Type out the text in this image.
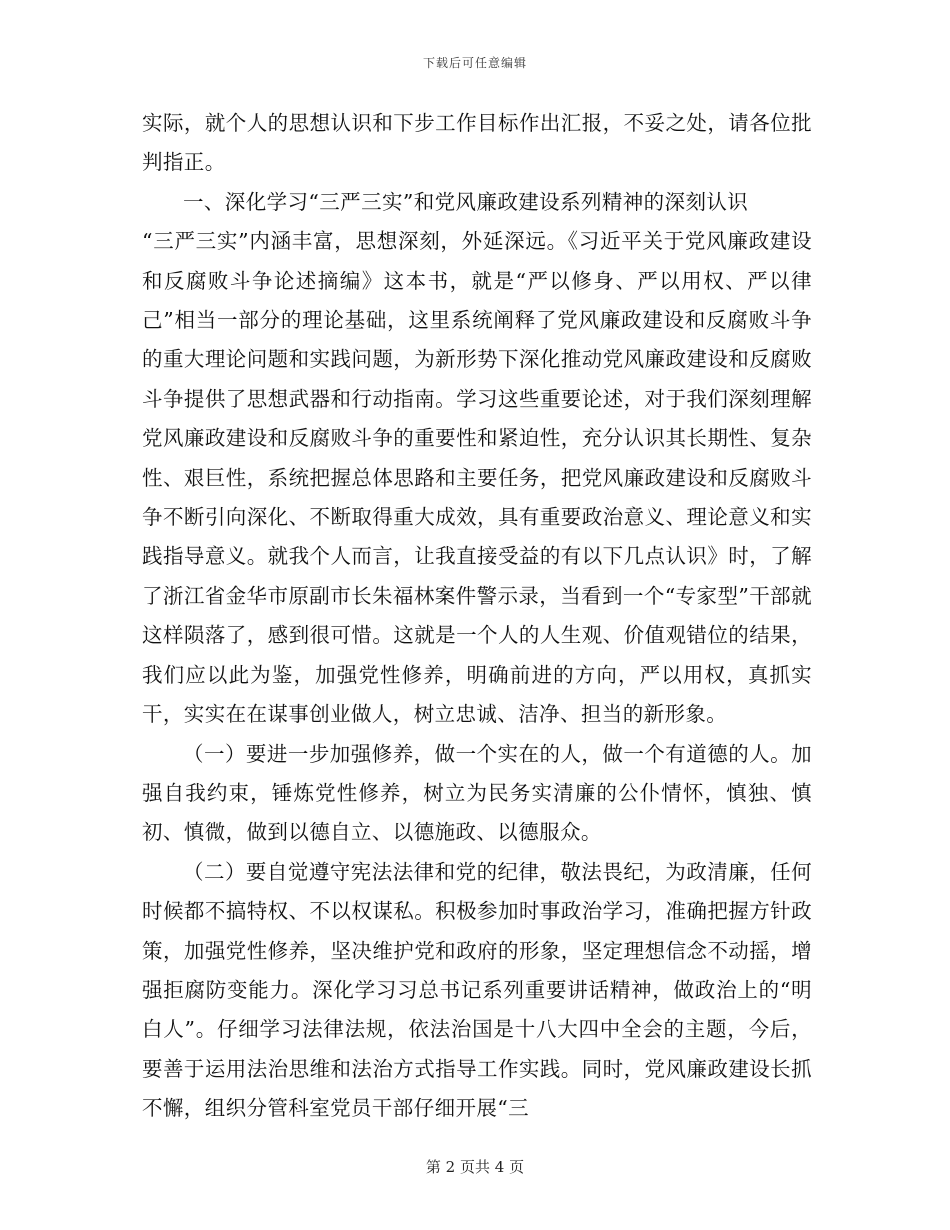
下载后可任意编辑

实际，就个人的思想认识和下步工作目标作出汇报，不妥之处，请各位批判指正。

一、深化学习“三严三实”和党风廉政建设系列精神的深刻认识

“三严三实”内涵丰富，思想深刻，外延深远。《习近平关于党风廉政建设和反腐败斗争论述摘编》这本书，就是“严以修身、严以用权、严以律己”相当一部分的理论基础，这里系统阐释了党风廉政建设和反腐败斗争的重大理论问题和实践问题，为新形势下深化推动党风廉政建设和反腐败斗争提供了思想武器和行动指南。学习这些重要论述，对于我们深刻理解党风廉政建设和反腐败斗争的重要性和紧迫性，充分认识其长期性、复杂性、艰巨性，系统把握总体思路和主要任务，把党风廉政建设和反腐败斗争不断引向深化、不断取得重大成效，具有重要政治意义、理论意义和实践指导意义。就我个人而言，让我直接受益的有以下几点认识》时，了解了浙江省金华市原副市长朱福林案件警示录，当看到一个“专家型”干部就这样陨落了，感到很可惜。这就是一个人的人生观、价值观错位的结果，我们应以此为鉴，加强党性修养，明确前进的方向，严以用权，真抓实干，实实在在谋事创业做人，树立忠诚、洁净、担当的新形象。

（一）要进一步加强修养，做一个实在的人，做一个有道德的人。加强自我约束，锤炼党性修养，树立为民务实清廉的公仆情怀，慎独、慎初、慎微，做到以德自立、以德施政、以德服众。

（二）要自觉遵守宪法法律和党的纪律，敬法畏纪，为政清廉，任何时候都不搞特权、不以权谋私。积极参加时事政治学习，准确把握方针政策，加强党性修养，坚决维护党和政府的形象，坚定理想信念不动摇，增强拒腐防变能力。深化学习习总书记系列重要讲话精神，做政治上的“明白人”。仔细学习法律法规，依法治国是十八大四中全会的主题，今后，要善于运用法治思维和法治方式指导工作实践。同时，党风廉政建设长抓不懈，组织分管科室党员干部仔细开展“三

第 2 页共 4 页
